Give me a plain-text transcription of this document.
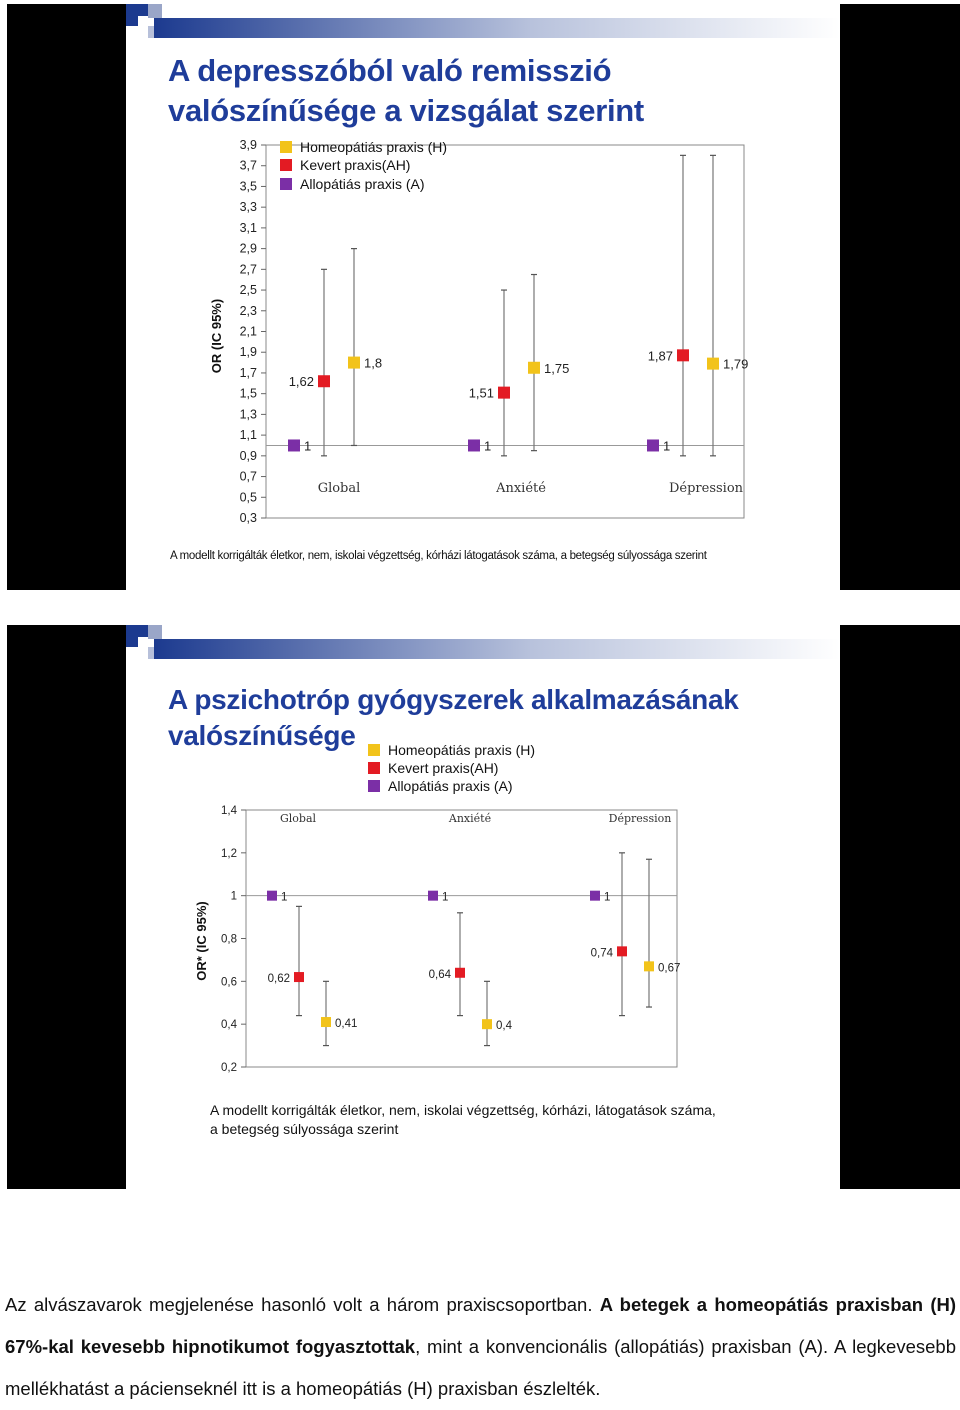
A depresszóból való remisszió
valószínűsége a vizsgálat szerint
3,9
3,7
3,5
3,3
3,1
2,9
2,7
2,5
2,3
2,1
1,9
1,7
1,5
1,3
1,1
0,9
0,7
0,5
0,3
OR (IC 95%)
Global	Anxiété	Dépression
1	1	1
1,62
1,51
1,87
1,8	1,75	1,79
Homeopátiás praxis (H)
Kevert praxis(AH)
Allopátiás praxis (A)
A modellt korrigálták életkor, nem, iskolai végzettség, kórházi látogatások száma, a betegség súlyossága szerint
A pszichotróp gyógyszerek alkalmazásának
valószínűsége
1,4
1,2
1
0,8
0,6
0,4
0,2
OR* (IC 95%)
Global	Anxiété	Dépression
1	1	1
0,62	0,64
0,74
0,41	0,4
0,67
Homeopátiás praxis (H)
Kevert praxis(AH)
Allopátiás praxis (A)
A modellt korrigálták életkor, nem, iskolai végzettség, kórházi, látogatások száma,
a betegség súlyossága szerint

Az alvászavarok megjelenése hasonló volt a három praxiscsoportban. A betegek a homeopátiás praxisban (H) 67%-kal kevesebb hipnotikumot fogyasztottak, mint a konvencionális (allopátiás) praxisban (A). A legkevesebb mellékhatást a pácienseknél itt is a homeopátiás (H) praxisban észlelték.
